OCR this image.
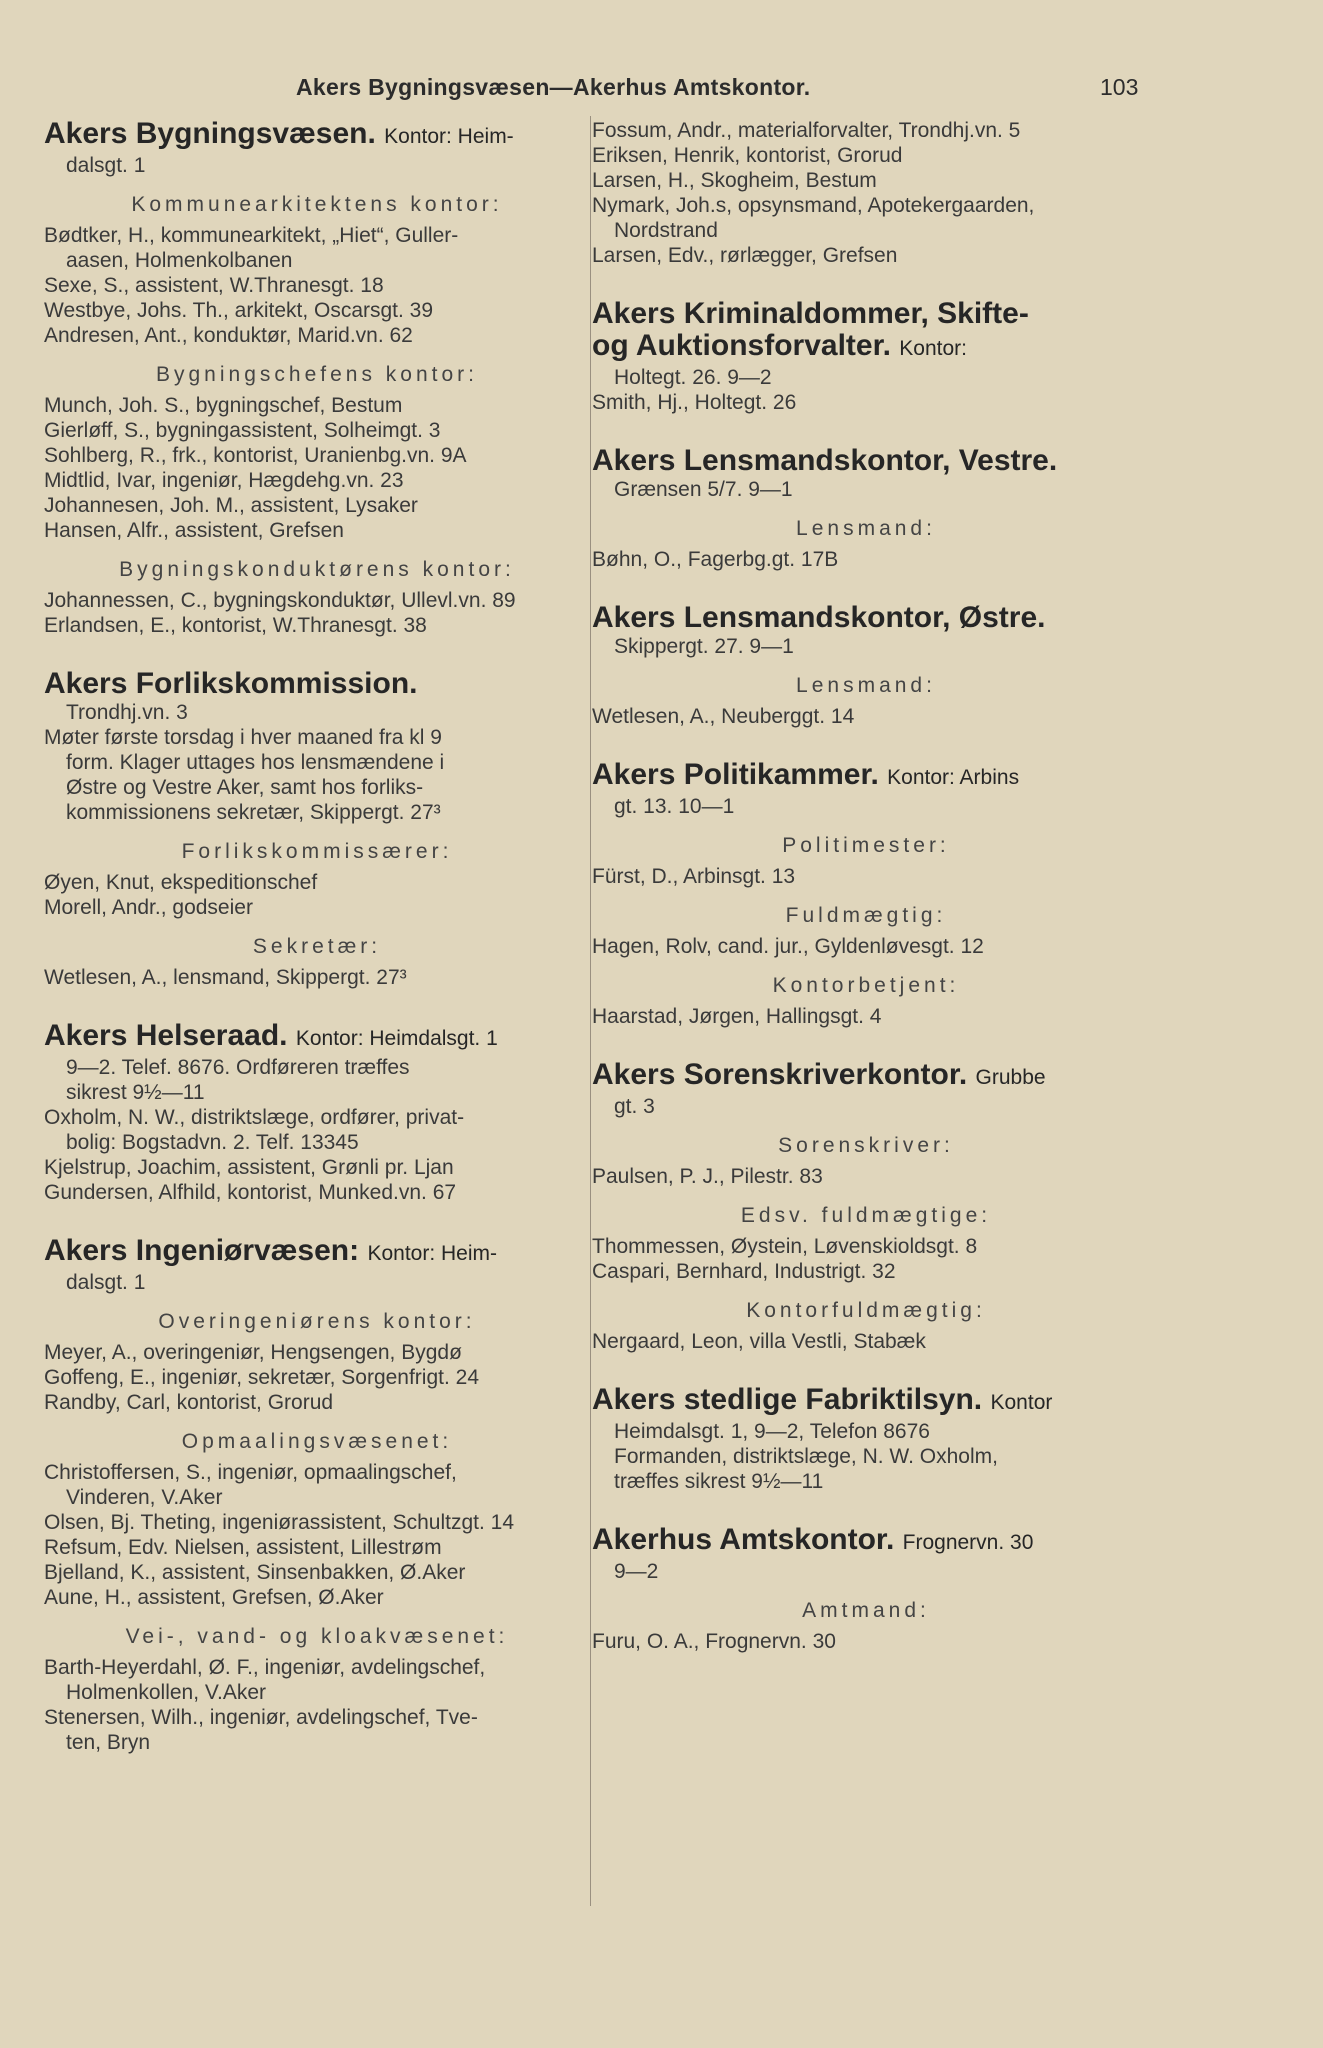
Akers Bygningsvæsen—Akerhus Amtskontor.	103
Akers Bygningsvæsen. Kontor: Heim-
dalsgt. 1
Kommunearkitektens kontor:
Bødtker, H., kommunearkitekt, „Hiet“, Guller-
aasen, Holmenkolbanen
Sexe, S., assistent, W.Thranesgt. 18
Westbye, Johs. Th., arkitekt, Oscarsgt. 39
Andresen, Ant., konduktør, Marid.vn. 62
Bygningschefens kontor:
Munch, Joh. S., bygningschef, Bestum
Gierløff, S., bygningassistent, Solheimgt. 3
Sohlberg, R., frk., kontorist, Uranienbg.vn. 9A
Midtlid, Ivar, ingeniør, Hægdehg.vn. 23
Johannesen, Joh. M., assistent, Lysaker
Hansen, Alfr., assistent, Grefsen
Bygningskonduktørens kontor:
Johannessen, C., bygningskonduktør, Ullevl.vn. 89
Erlandsen, E., kontorist, W.Thranesgt. 38
Akers Forlikskommission.
Trondhj.vn. 3
Møter første torsdag i hver maaned fra kl 9
form. Klager uttages hos lensmændene i
Østre og Vestre Aker, samt hos forliks-
kommissionens sekretær, Skippergt. 27³
Forlikskommissærer:
Øyen, Knut, ekspeditionschef
Morell, Andr., godseier
Sekretær:
Wetlesen, A., lensmand, Skippergt. 27³
Akers Helseraad. Kontor: Heimdalsgt. 1
9—2. Telef. 8676. Ordføreren træffes
sikrest 9½—11
Oxholm, N. W., distriktslæge, ordfører, privat-
bolig: Bogstadvn. 2. Telf. 13345
Kjelstrup, Joachim, assistent, Grønli pr. Ljan
Gundersen, Alfhild, kontorist, Munked.vn. 67
Akers Ingeniørvæsen: Kontor: Heim-
dalsgt. 1
Overingeniørens kontor:
Meyer, A., overingeniør, Hengsengen, Bygdø
Goffeng, E., ingeniør, sekretær, Sorgenfrigt. 24
Randby, Carl, kontorist, Grorud
Opmaalingsvæsenet:
Christoffersen, S., ingeniør, opmaalingschef,
Vinderen, V.Aker
Olsen, Bj. Theting, ingeniørassistent, Schultzgt. 14
Refsum, Edv. Nielsen, assistent, Lillestrøm
Bjelland, K., assistent, Sinsenbakken, Ø.Aker
Aune, H., assistent, Grefsen, Ø.Aker
Vei-, vand- og kloakvæsenet:
Barth-Heyerdahl, Ø. F., ingeniør, avdelingschef,
Holmenkollen, V.Aker
Stenersen, Wilh., ingeniør, avdelingschef, Tve-
ten, Bryn
Fossum, Andr., materialforvalter, Trondhj.vn. 5
Eriksen, Henrik, kontorist, Grorud
Larsen, H., Skogheim, Bestum
Nymark, Joh.s, opsynsmand, Apotekergaarden,
Nordstrand
Larsen, Edv., rørlægger, Grefsen
Akers Kriminaldommer, Skifte-
og Auktionsforvalter. Kontor:
Holtegt. 26. 9—2
Smith, Hj., Holtegt. 26
Akers Lensmandskontor, Vestre.
Grænsen 5/7. 9—1
Lensmand:
Bøhn, O., Fagerbg.gt. 17B
Akers Lensmandskontor, Østre.
Skippergt. 27. 9—1
Lensmand:
Wetlesen, A., Neuberggt. 14
Akers Politikammer. Kontor: Arbins
gt. 13. 10—1
Politimester:
Fürst, D., Arbinsgt. 13
Fuldmægtig:
Hagen, Rolv, cand. jur., Gyldenløvesgt. 12
Kontorbetjent:
Haarstad, Jørgen, Hallingsgt. 4
Akers Sorenskriverkontor. Grubbe
gt. 3
Sorenskriver:
Paulsen, P. J., Pilestr. 83
Edsv. fuldmægtige:
Thommessen, Øystein, Løvenskioldsgt. 8
Caspari, Bernhard, Industrigt. 32
Kontorfuldmægtig:
Nergaard, Leon, villa Vestli, Stabæk
Akers stedlige Fabriktilsyn. Kontor
Heimdalsgt. 1, 9—2, Telefon 8676
Formanden, distriktslæge, N. W. Oxholm,
træffes sikrest 9½—11
Akerhus Amtskontor. Frognervn. 30
9—2
Amtmand:
Furu, O. A., Frognervn. 30
